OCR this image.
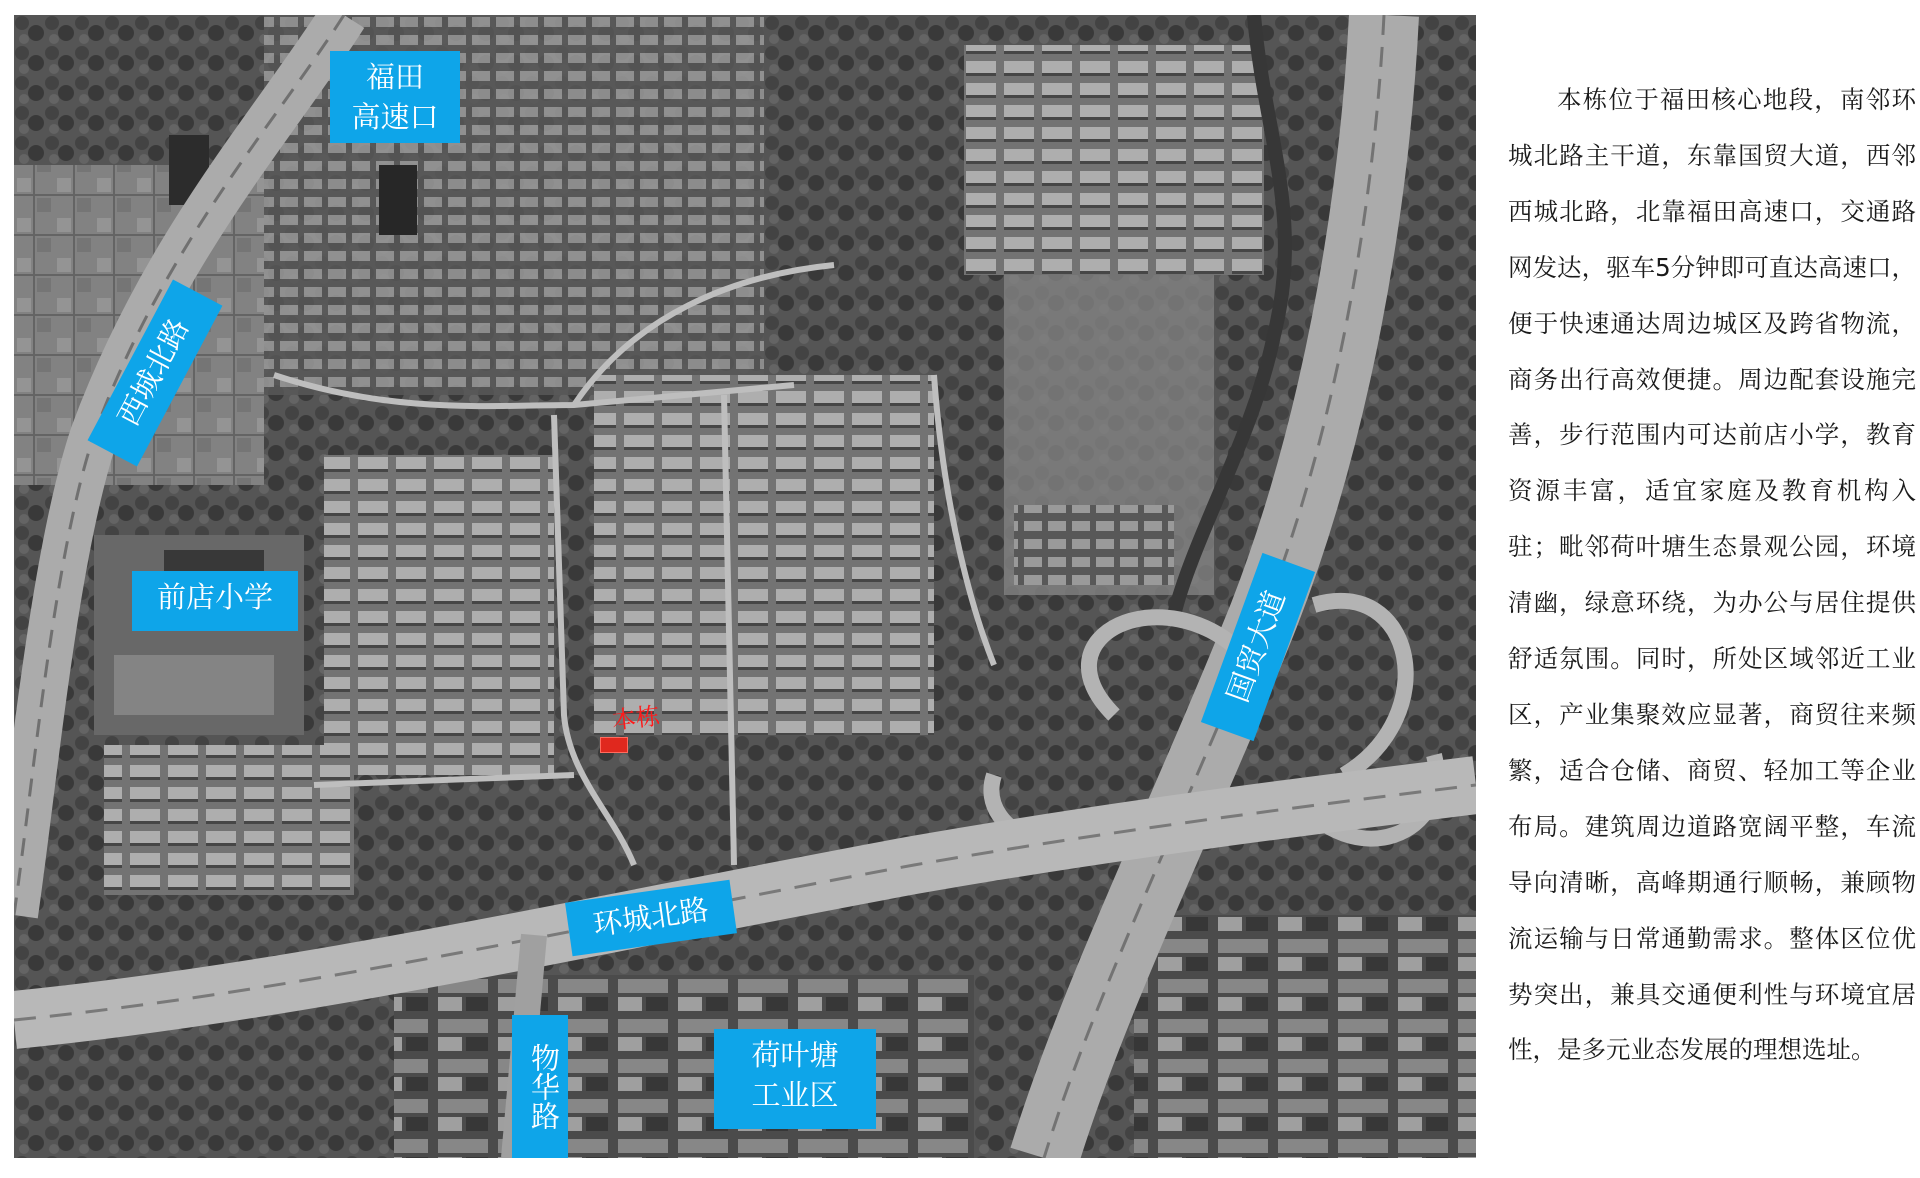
福田
高速口
西城北路
前店小学	国贸大道
环城北路
物华路	荷叶塘
工业区
本栋

本栋位于福田核心地段，南邻环城北路主干道，东靠国贸大道，西邻西城北路，北靠福田高速口，交通路网发达，驱车5分钟即可直达高速口，便于快速通达周边城区及跨省物流，商务出行高效便捷。周边配套设施完善，步行范围内可达前店小学，教育资源丰富，适宜家庭及教育机构入驻；毗邻荷叶塘生态景观公园，环境清幽，绿意环绕，为办公与居住提供舒适氛围。同时，所处区域邻近工业区，产业集聚效应显著，商贸往来频繁，适合仓储、商贸、轻加工等企业布局。建筑周边道路宽阔平整，车流导向清晰，高峰期通行顺畅，兼顾物流运输与日常通勤需求。整体区位优势突出，兼具交通便利性与环境宜居性，是多元业态发展的理想选址。
